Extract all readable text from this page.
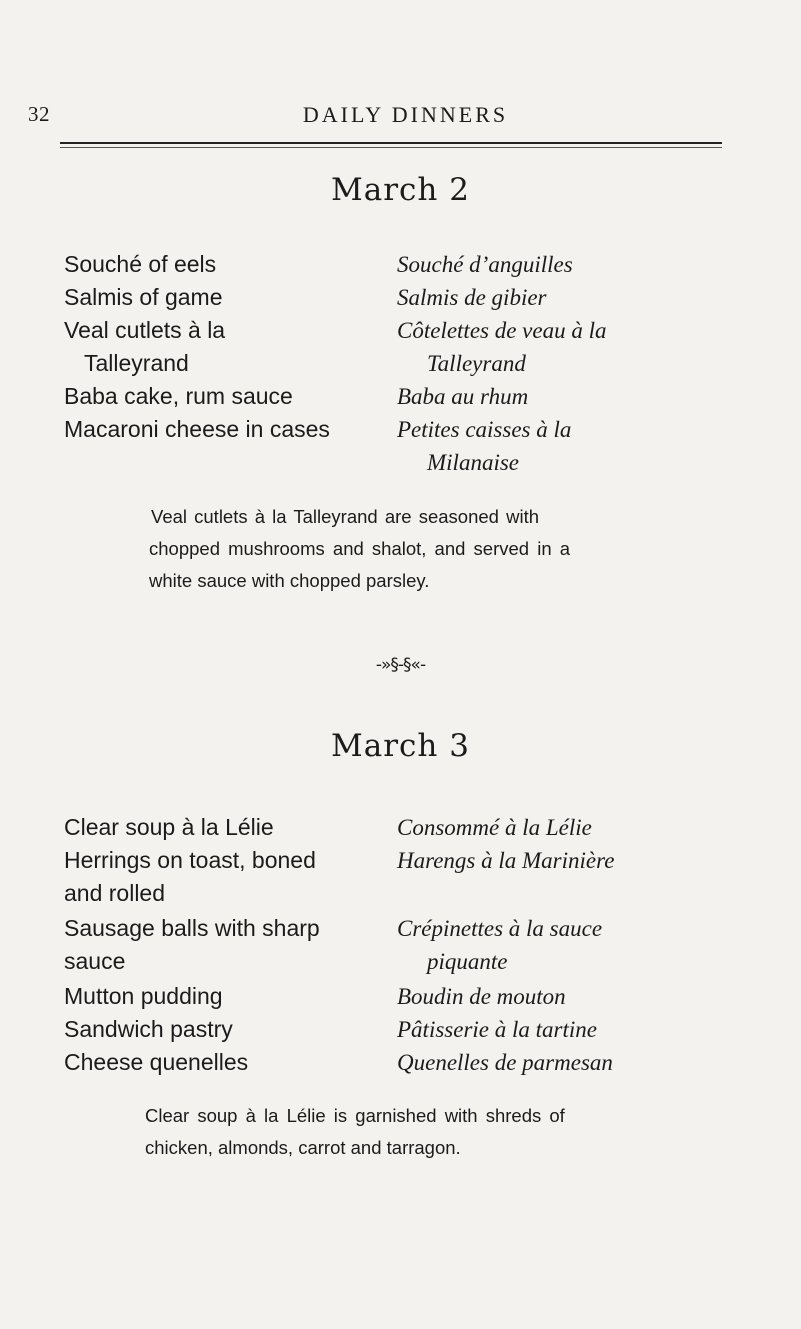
32	DAILY DINNERS
March 2
Souché of eels	Souché d’anguilles
Salmis of game	Salmis de gibier
Veal cutlets à la	Côtelettes de veau à la
Talleyrand	Talleyrand
Baba cake, rum sauce	Baba au rhum
Macaroni cheese in cases	Petites caisses à la
Milanaise
Veal cutlets à la Talleyrand are seasoned with
chopped mushrooms and shalot, and served in a
white sauce with chopped parsley.
-»§-§«-
March 3
Clear soup à la Lélie	Consommé à la Lélie
Herrings on toast, boned	Harengs à la Marinière
and rolled
Sausage balls with sharp	Crépinettes à la sauce
sauce	piquante
Mutton pudding	Boudin de mouton
Sandwich pastry	Pâtisserie à la tartine
Cheese quenelles	Quenelles de parmesan
Clear soup à la Lélie is garnished with shreds of
chicken, almonds, carrot and tarragon.
